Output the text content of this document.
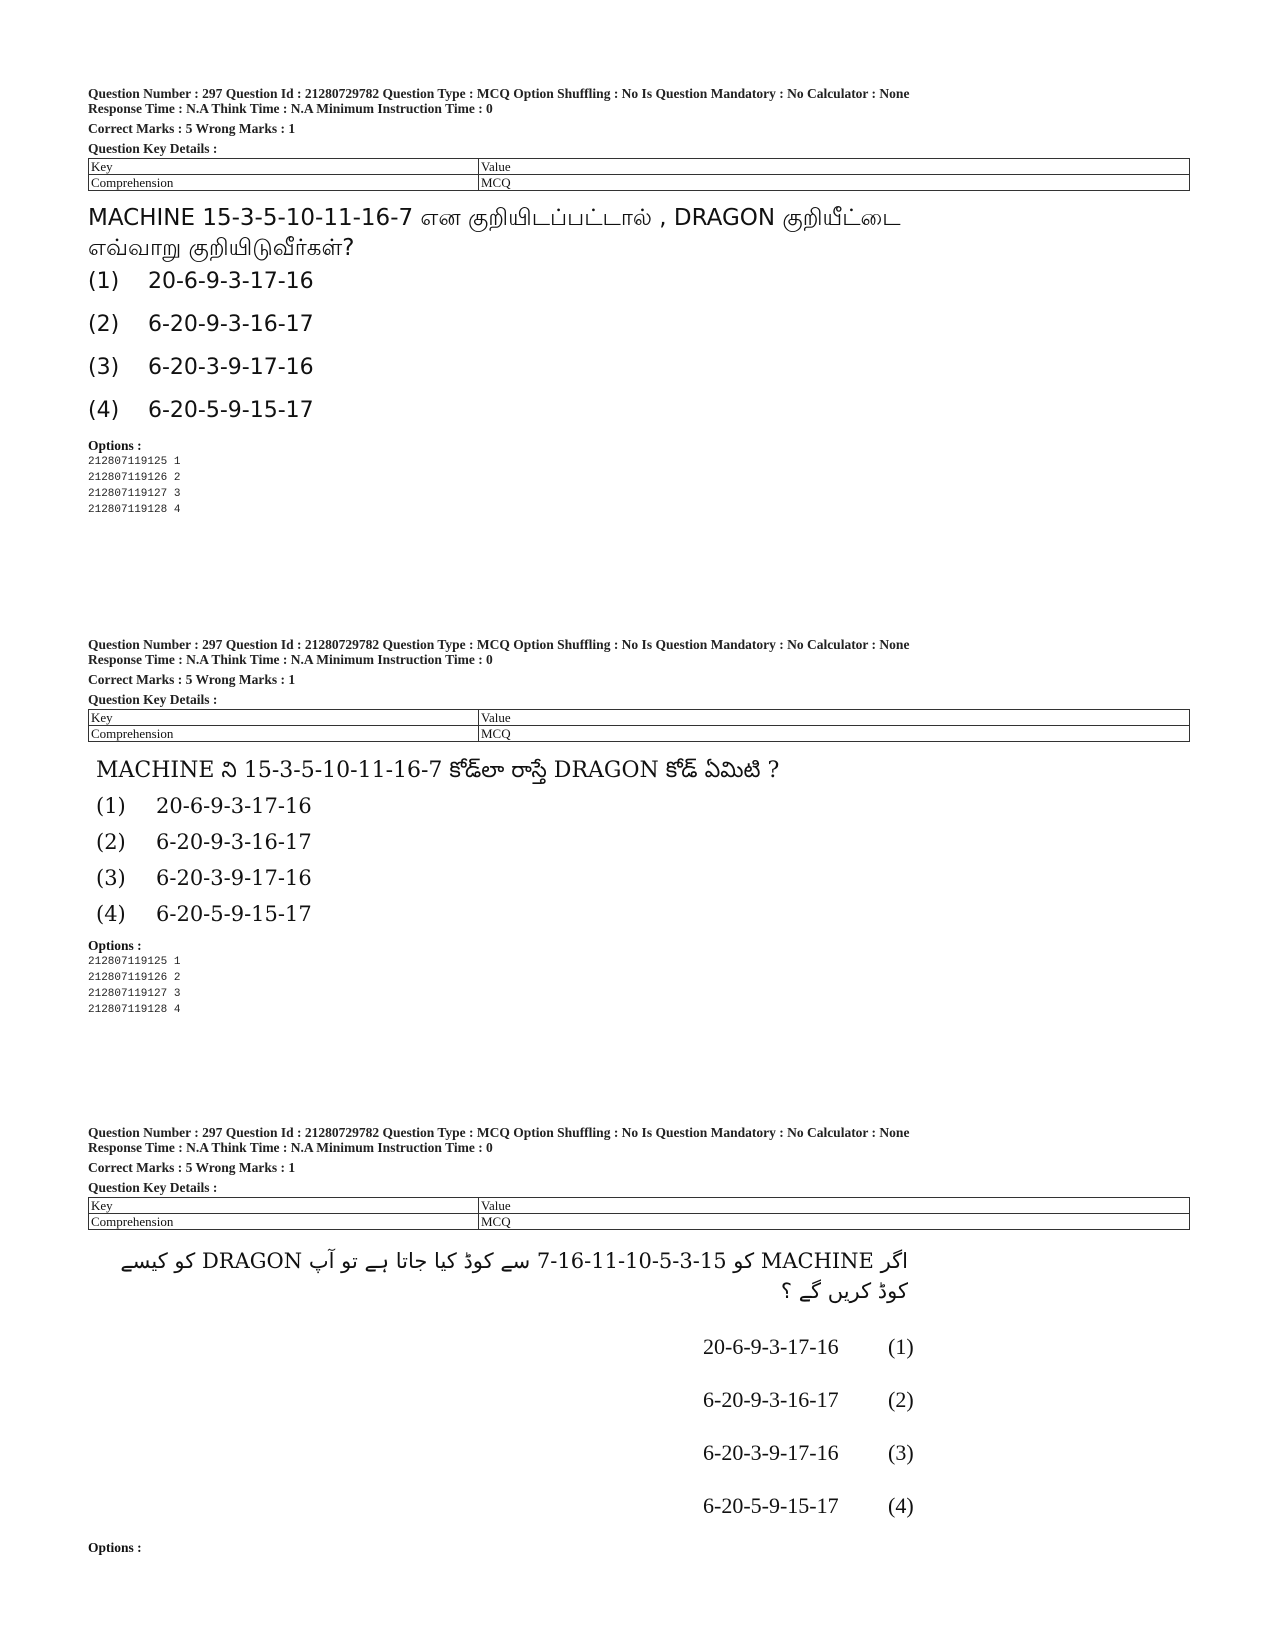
Question Number : 297 Question Id : 21280729782 Question Type : MCQ Option Shuffling : No Is Question Mandatory : No Calculator : None
Response Time : N.A Think Time : N.A Minimum Instruction Time : 0
Correct Marks : 5 Wrong Marks : 1
Question Key Details :
Key	Value
Comprehension	MCQ
MACHINE 15-3-5-10-11-16-7 என குறியிடப்பட்டால் , DRAGON குறியீட்டை
எவ்வாறு குறியிடுவீர்கள்?
(1)	20-6-9-3-17-16
(2)	6-20-9-3-16-17
(3)	6-20-3-9-17-16
(4)	6-20-5-9-15-17
Options :
212807119125 1
212807119126 2
212807119127 3
212807119128 4
Question Number : 297 Question Id : 21280729782 Question Type : MCQ Option Shuffling : No Is Question Mandatory : No Calculator : None
Response Time : N.A Think Time : N.A Minimum Instruction Time : 0
Correct Marks : 5 Wrong Marks : 1
Question Key Details :
Key	Value
Comprehension	MCQ
MACHINE ని 15-3-5-10-11-16-7 కోడ్‌లా రాస్తే DRAGON కోడ్ ఏమిటి ?
(1)	20-6-9-3-17-16
(2)	6-20-9-3-16-17
(3)	6-20-3-9-17-16
(4)	6-20-5-9-15-17
Options :
212807119125 1
212807119126 2
212807119127 3
212807119128 4
Question Number : 297 Question Id : 21280729782 Question Type : MCQ Option Shuffling : No Is Question Mandatory : No Calculator : None
Response Time : N.A Think Time : N.A Minimum Instruction Time : 0
Correct Marks : 5 Wrong Marks : 1
Question Key Details :
Key	Value
Comprehension	MCQ
اگر MACHINE کو 15-3-5-10-11-16-7 سے کوڈ کیا جاتا ہے تو آپ DRAGON کو کیسے کوڈ کریں گے ؟
20-6-9-3-17-16	(1)
6-20-9-3-16-17	(2)
6-20-3-9-17-16	(3)
6-20-5-9-15-17	(4)
Options :
